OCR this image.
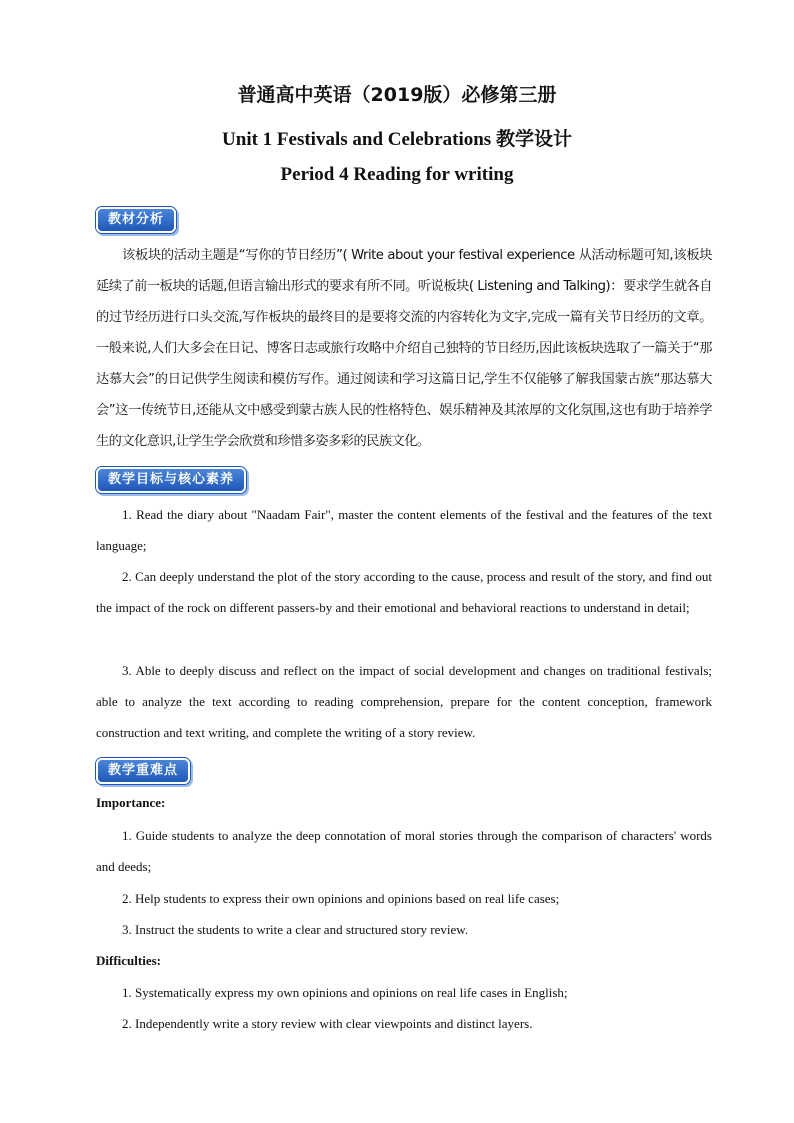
普通高中英语（2019版）必修第三册
Unit 1 Festivals and Celebrations 教学设计
Period 4 Reading for writing
教材分析
该板块的活动主题是“写你的节日经历”( Write about your festival experience 从活动标题可知,该板块延续了前一板块的话题,但语言输出形式的要求有所不同。听说板块( Listening and Talking)：要求学生就各自的过节经历进行口头交流,写作板块的最终目的是要将交流的内容转化为文字,完成一篇有关节日经历的文章。一般来说,人们大多会在日记、博客日志或旅行攻略中介绍自己独特的节日经历,因此该板块选取了一篇关于“那达慕大会”的日记供学生阅读和模仿写作。通过阅读和学习这篇日记,学生不仅能够了解我国蒙古族“那达慕大会”这一传统节日,还能从文中感受到蒙古族人民的性格特色、娱乐精神及其浓厚的文化氛围,这也有助于培养学生的文化意识,让学生学会欣赏和珍惜多姿多彩的民族文化。
教学目标与核心素养
1. Read the diary about "Naadam Fair", master the content elements of the festival and the features of the text language;
2. Can deeply understand the plot of the story according to the cause, process and result of the story, and find out the impact of the rock on different passers-by and their emotional and behavioral reactions to understand in detail;
3. Able to deeply discuss and reflect on the impact of social development and changes on traditional festivals; able to analyze the text according to reading comprehension, prepare for the content conception, framework construction and text writing, and complete the writing of a story review.
教学重难点
Importance:
1. Guide students to analyze the deep connotation of moral stories through the comparison of characters' words and deeds;
2. Help students to express their own opinions and opinions based on real life cases;
3. Instruct the students to write a clear and structured story review.
Difficulties:
1. Systematically express my own opinions and opinions on real life cases in English;
2. Independently write a story review with clear viewpoints and distinct layers.
